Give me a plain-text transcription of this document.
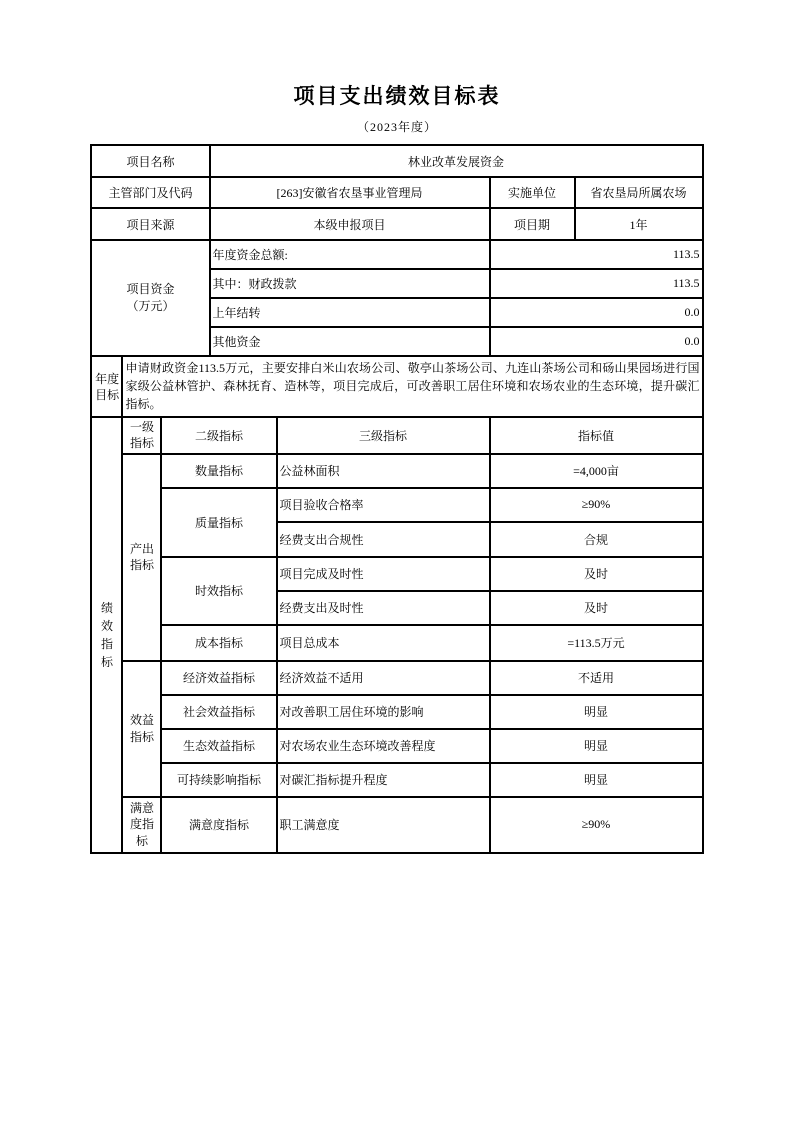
项目支出绩效目标表
（2023年度）
项目名称			林业改革发展资金			
主管部门及代码			[263]安徽省农垦事业管理局		实施单位	省农垦局所属农场
项目来源			本级申报项目		项目期	1年

项目资金（万元）			年度资金总额:		113.5	
			其中：财政拨款		113.5	
			上年结转		0.0	
			其他资金		0.0	

年度目标	申请财政资金113.5万元，主要安排白米山农场公司、敬亭山茶场公司、九连山茶场公司和砀山果园场进行国家级公益林管护、森林抚育、造林等，项目完成后，可改善职工居住环境和农场农业的生态环境，提升碳汇指标。					

绩效指标	一级指标	二级指标		三级指标	指标值	

	产出指标	数量指标		公益林面积	=4,000亩	
		质量指标		项目验收合格率	≥90%	
				经费支出合规性	合规	
		时效指标		项目完成及时性	及时	
				经费支出及时性	及时	
		成本指标		项目总成本	=113.5万元	

	效益指标	经济效益指标		经济效益不适用	不适用	
		社会效益指标		对改善职工居住环境的影响	明显	
		生态效益指标		对农场农业生态环境改善程度	明显	
		可持续影响指标		对碳汇指标提升程度	明显	

	满意度指标	满意度指标		职工满意度	≥90%	
